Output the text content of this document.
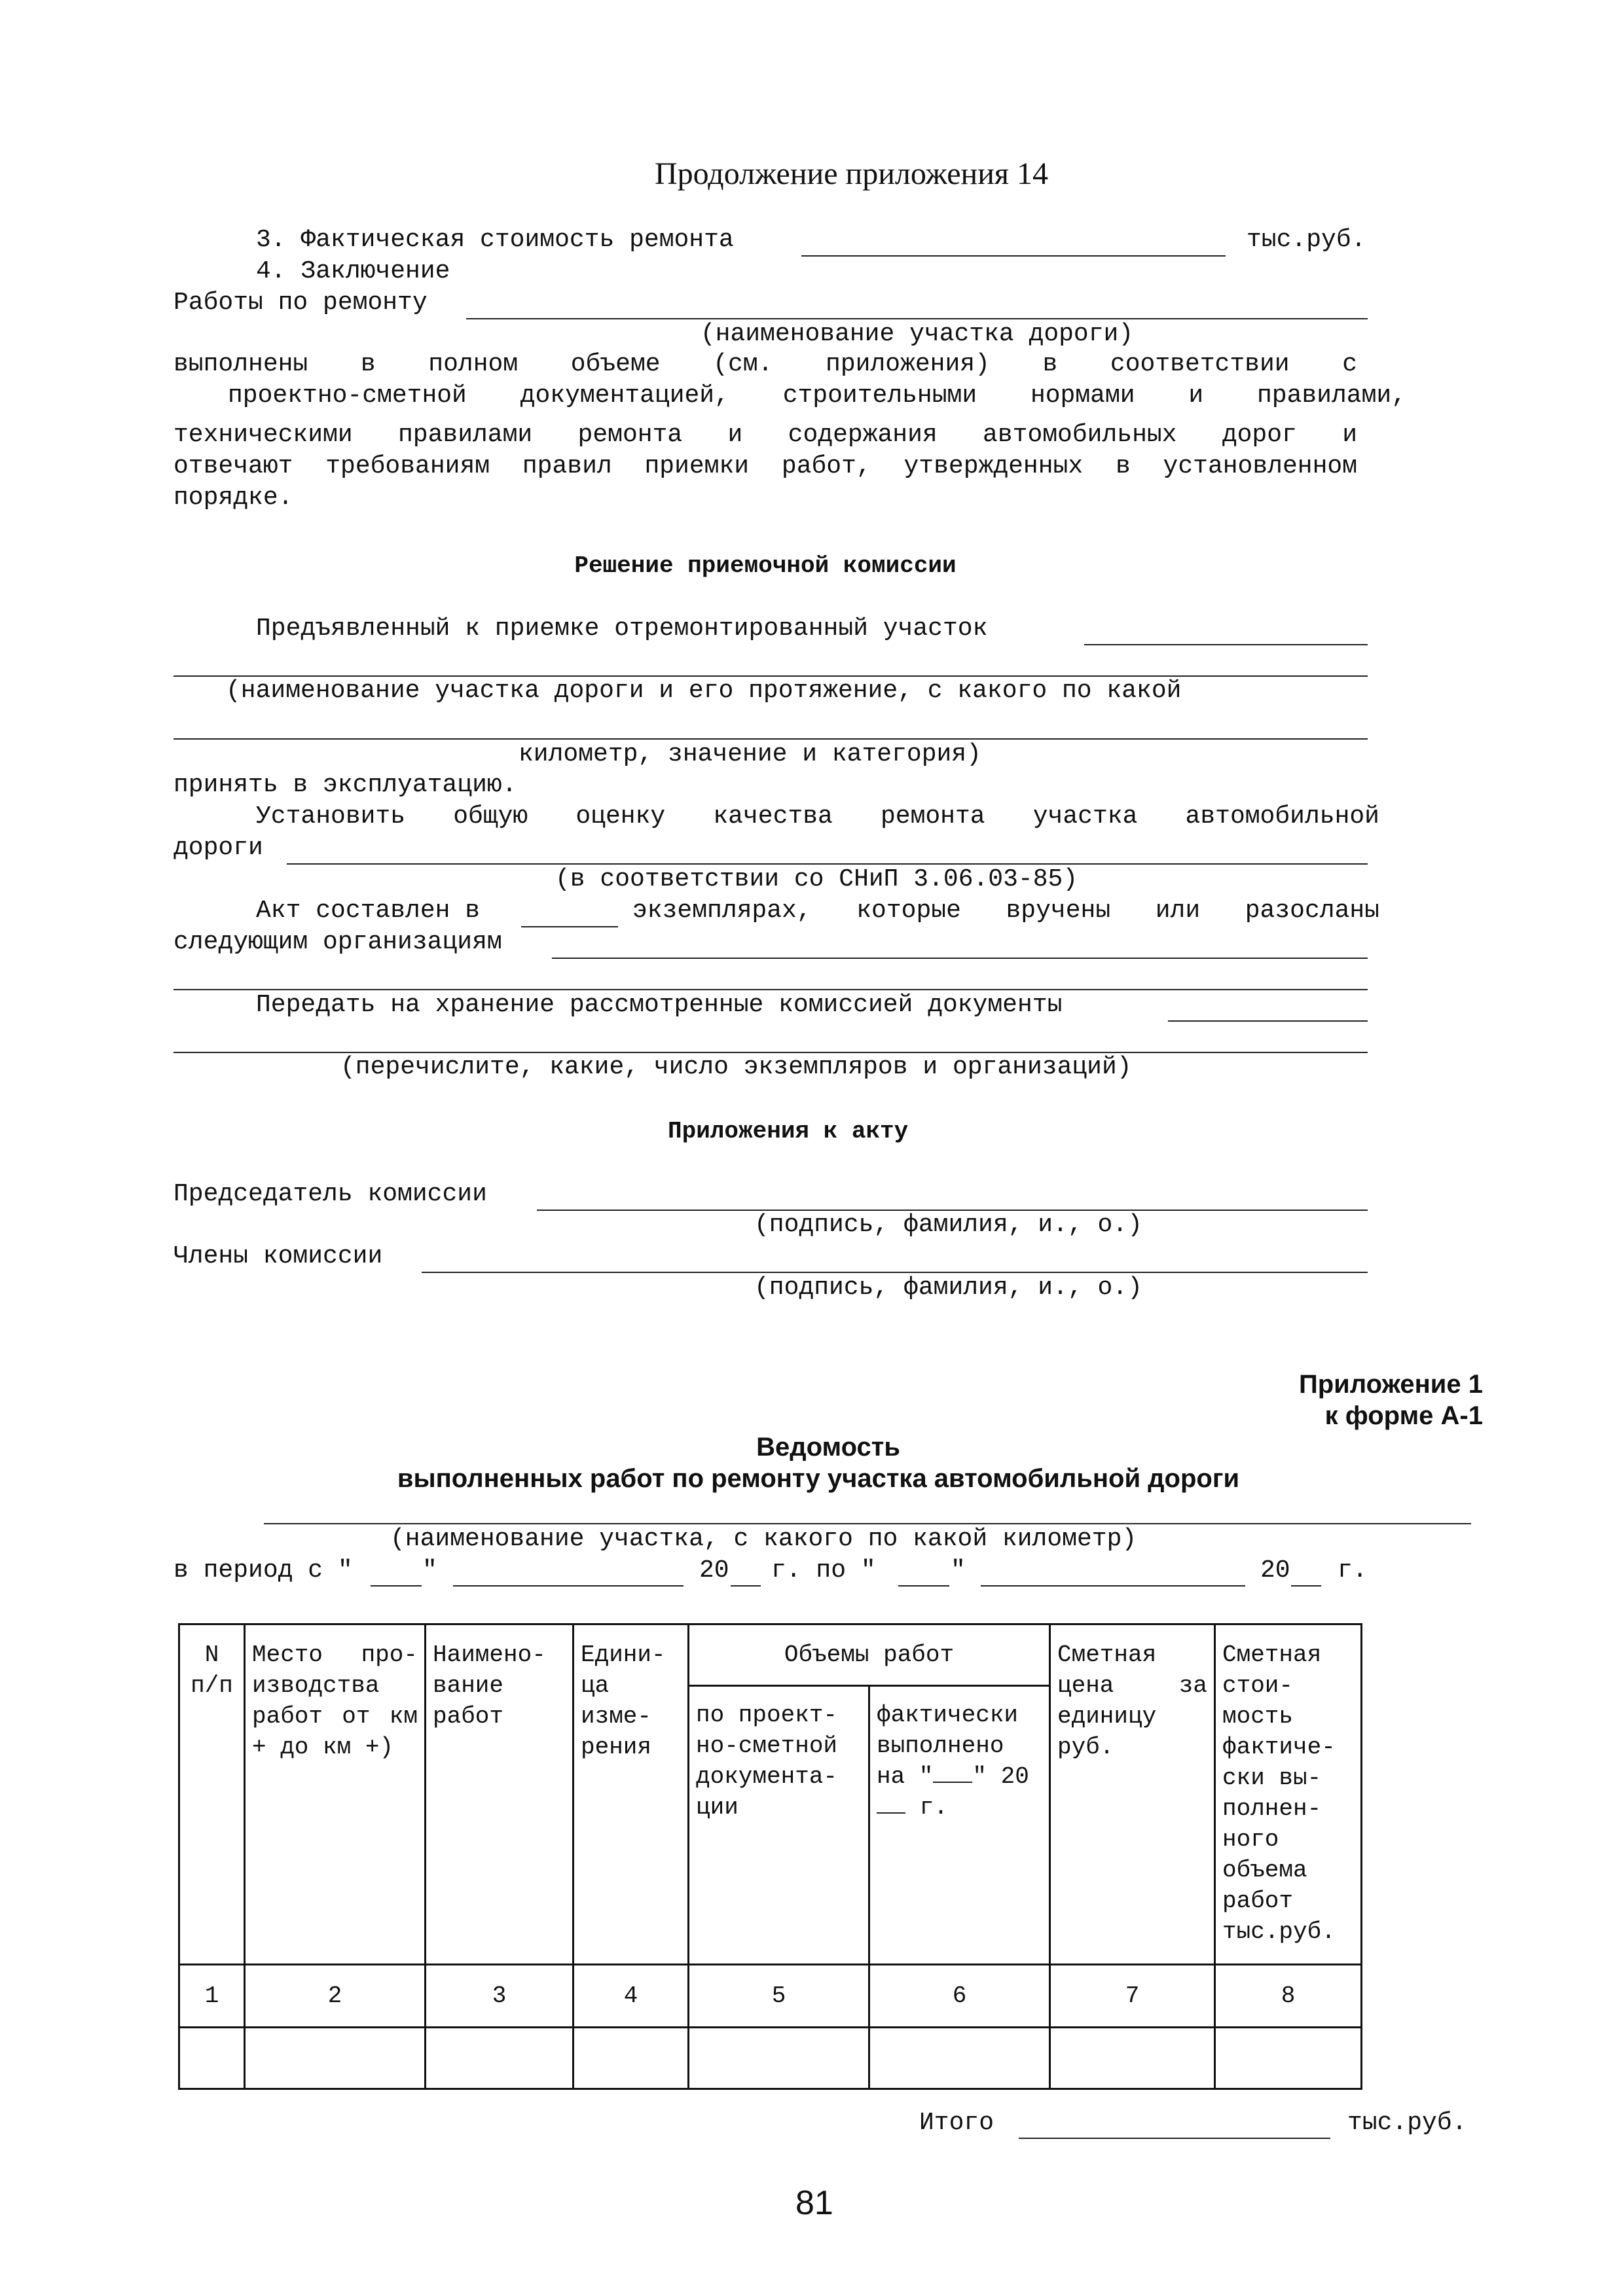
Продолжение приложения 14
3. Фактическая стоимость ремонта	тыс.руб.
4. Заключение
Работы по ремонту
(наименование участка дороги)
выполнены в полном объеме (см. приложения) в соответствии с
проектно-сметной документацией, строительными нормами и правилами,
техническими правилами ремонта и содержания автомобильных дорог и
отвечают требованиям правил приемки работ, утвержденных в установленном
порядке.
Решение приемочной комиссии
Предъявленный к приемке отремонтированный участок
(наименование участка дороги и его протяжение, с какого по какой
километр, значение и категория)
принять в эксплуатацию.
Установить общую оценку качества ремонта участка автомобильной
дороги
(в соответствии со СНиП 3.06.03-85)
Акт составлен в	экземплярах, которые вручены или разосланы
следующим организациям
Передать на хранение рассмотренные комиссией документы
(перечислите, какие, число экземпляров и организаций)
Приложения к акту
Председатель комиссии
(подпись, фамилия, и., о.)
Члены комиссии
(подпись, фамилия, и., о.)
Приложение 1
к форме А-1
Ведомость
выполненных работ по ремонту участка автомобильной дороги
(наименование участка, с какого по какой километр)
в период с "	"	20 г. по "	"	20 г.
N п/п	Место про-изводства работ от км + до км +)	Наимено-вание работ	Едини-ца изме-рения	Объемы работ		Сметная цена за единицу руб.	Сметная стои-мость фактиче-ски вы-полнен-ного объема работ тыс.руб.
				по проект-но-сметной документа-ции	фактически выполнено на " " 20 г.		
1	2	3	4	5	6	7	8

Итого	тыс.руб.
81
